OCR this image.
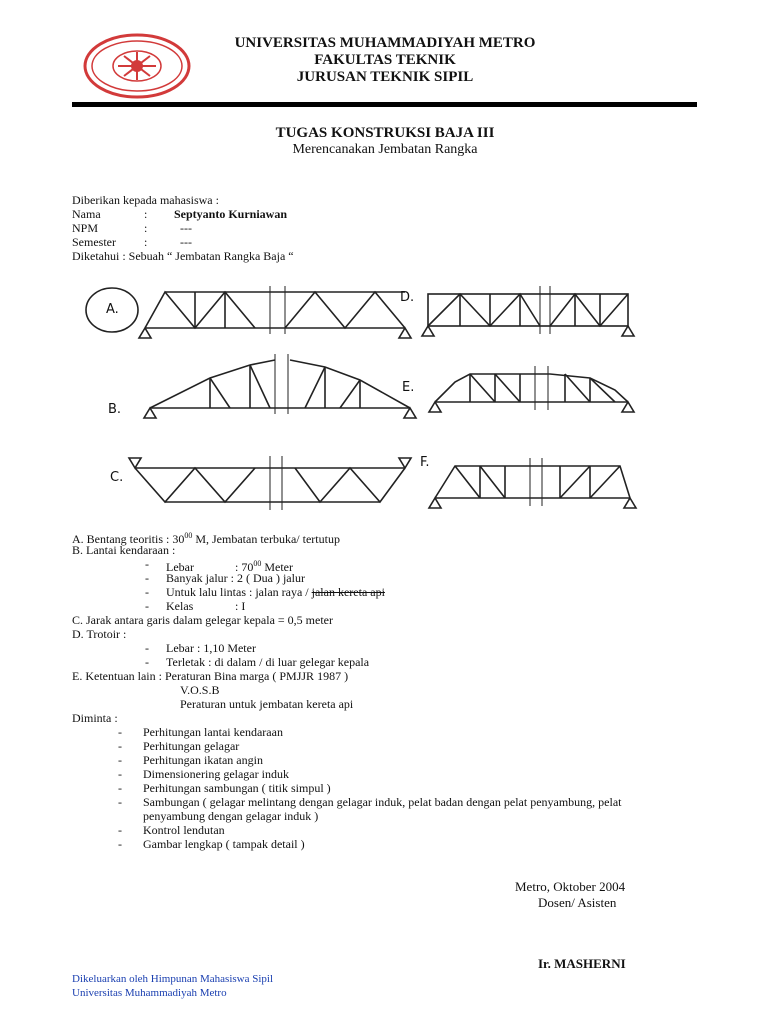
UNIVERSITAS MUHAMMADIYAH METRO
FAKULTAS TEKNIK
JURUSAN TEKNIK SIPIL
TUGAS KONSTRUKSI BAJA III
Merencanakan Jembatan Rangka
Diberikan kepada mahasiswa :
Nama	: Septyanto Kurniawan
NPM	:	---
Semester :	---
Diketahui : Sebuah “ Jembatan Rangka Baja “
A.
B.
C.
D.
E.
F.
A. Bentang teoritis : $30^{00}$ M, Jembatan terbuka/ tertutup
B. Lantai kendaraan :
- Lebar	: $70^{00}$ Meter
- Banyak jalur : 2 ( Dua ) jalur
- Untuk lalu lintas : jalan raya / jalan kereta api
- Kelas	: I
C. Jarak antara garis dalam gelegar kepala = 0,5 meter
D. Trotoir :
- Lebar : 1,10 Meter
- Terletak : di dalam / di luar gelegar kepala
E. Ketentuan lain : Peraturan Bina marga ( PMJJR 1987 )
V.O.S.B
Peraturan untuk jembatan kereta api
Diminta :
- Perhitungan lantai kendaraan
- Perhitungan gelagar
- Perhitungan ikatan angin
- Dimensionering gelagar induk
- Perhitungan sambungan ( titik simpul )
- Sambungan ( gelagar melintang dengan gelagar induk, pelat badan dengan pelat penyambung, pelat
penyambung dengan gelagar induk )
- Kontrol lendutan
- Gambar lengkap ( tampak detail )
Metro, Oktober 2004
Dosen/ Asisten
Ir. MASHERNI
Dikeluarkan oleh Himpunan Mahasiswa Sipil
Universitas Muhammadiyah Metro
